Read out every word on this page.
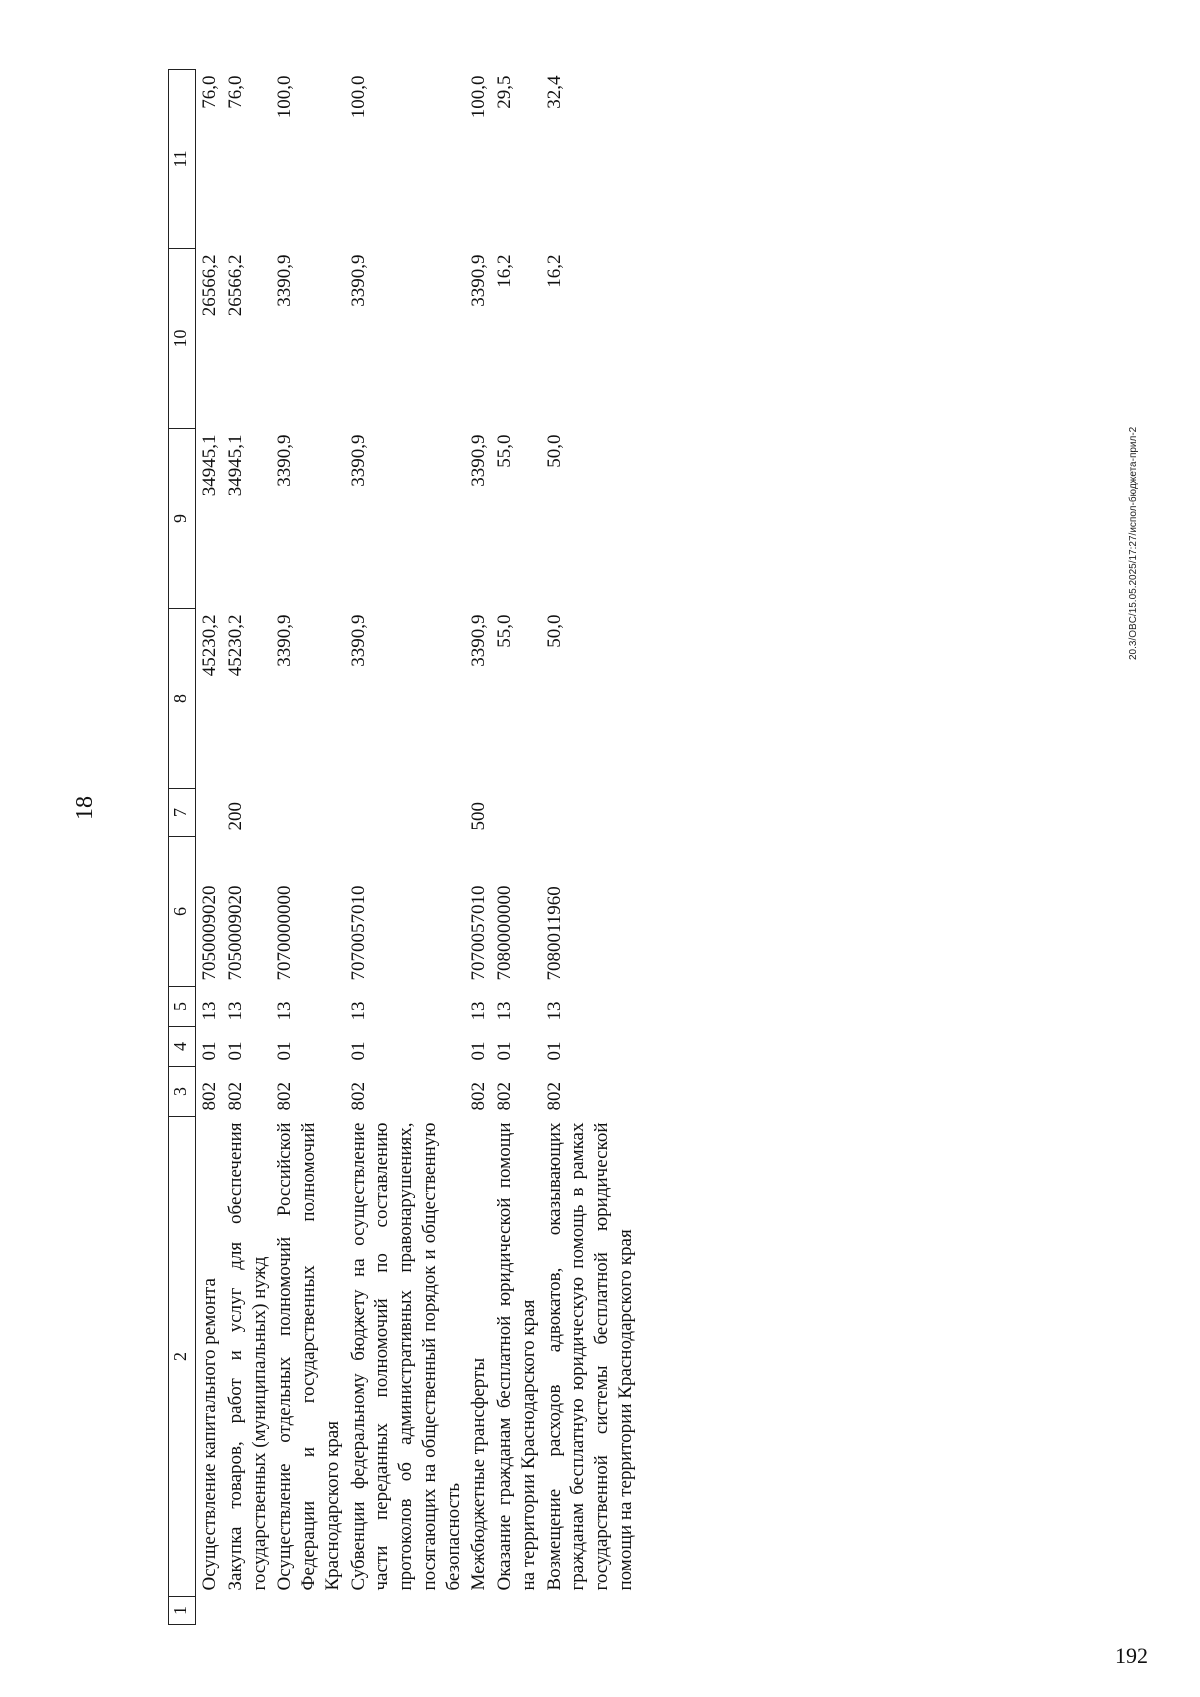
18
1	2	3	4	5	6	7	8	9	10	11
	Осуществление капитального ремонта	802	01	13	7050009020		45230,2	34945,1	26566,2	76,0
	Закупка товаров, работ и услуг для обеспечения государственных (муниципальных) нужд	802	01	13	7050009020	200	45230,2	34945,1	26566,2	76,0
	Осуществление отдельных полномочий Российской Федерации и государственных полномочий Краснодарского края	802	01	13	7070000000		3390,9	3390,9	3390,9	100,0
	Субвенции федеральному бюджету на осуществление части переданных полномочий по составлению протоколов об административных правонарушениях, посягающих на общественный порядок и общественную безопасность	802	01	13	7070057010		3390,9	3390,9	3390,9	100,0
	Межбюджетные трансферты	802	01	13	7070057010	500	3390,9	3390,9	3390,9	100,0
	Оказание гражданам бесплатной юридической помощи на территории Краснодарского края	802	01	13	7080000000		55,0	55,0	16,2	29,5
	Возмещение расходов адвокатов, оказывающих гражданам бесплатную юридическую помощь в рамках государственной системы бесплатной юридической помощи на территории Краснодарского края	802	01	13	7080011960		50,0	50,0	16,2	32,4
20.3/OBC/15.05.2025/17:27/испол-бюджета-прил-2
192
